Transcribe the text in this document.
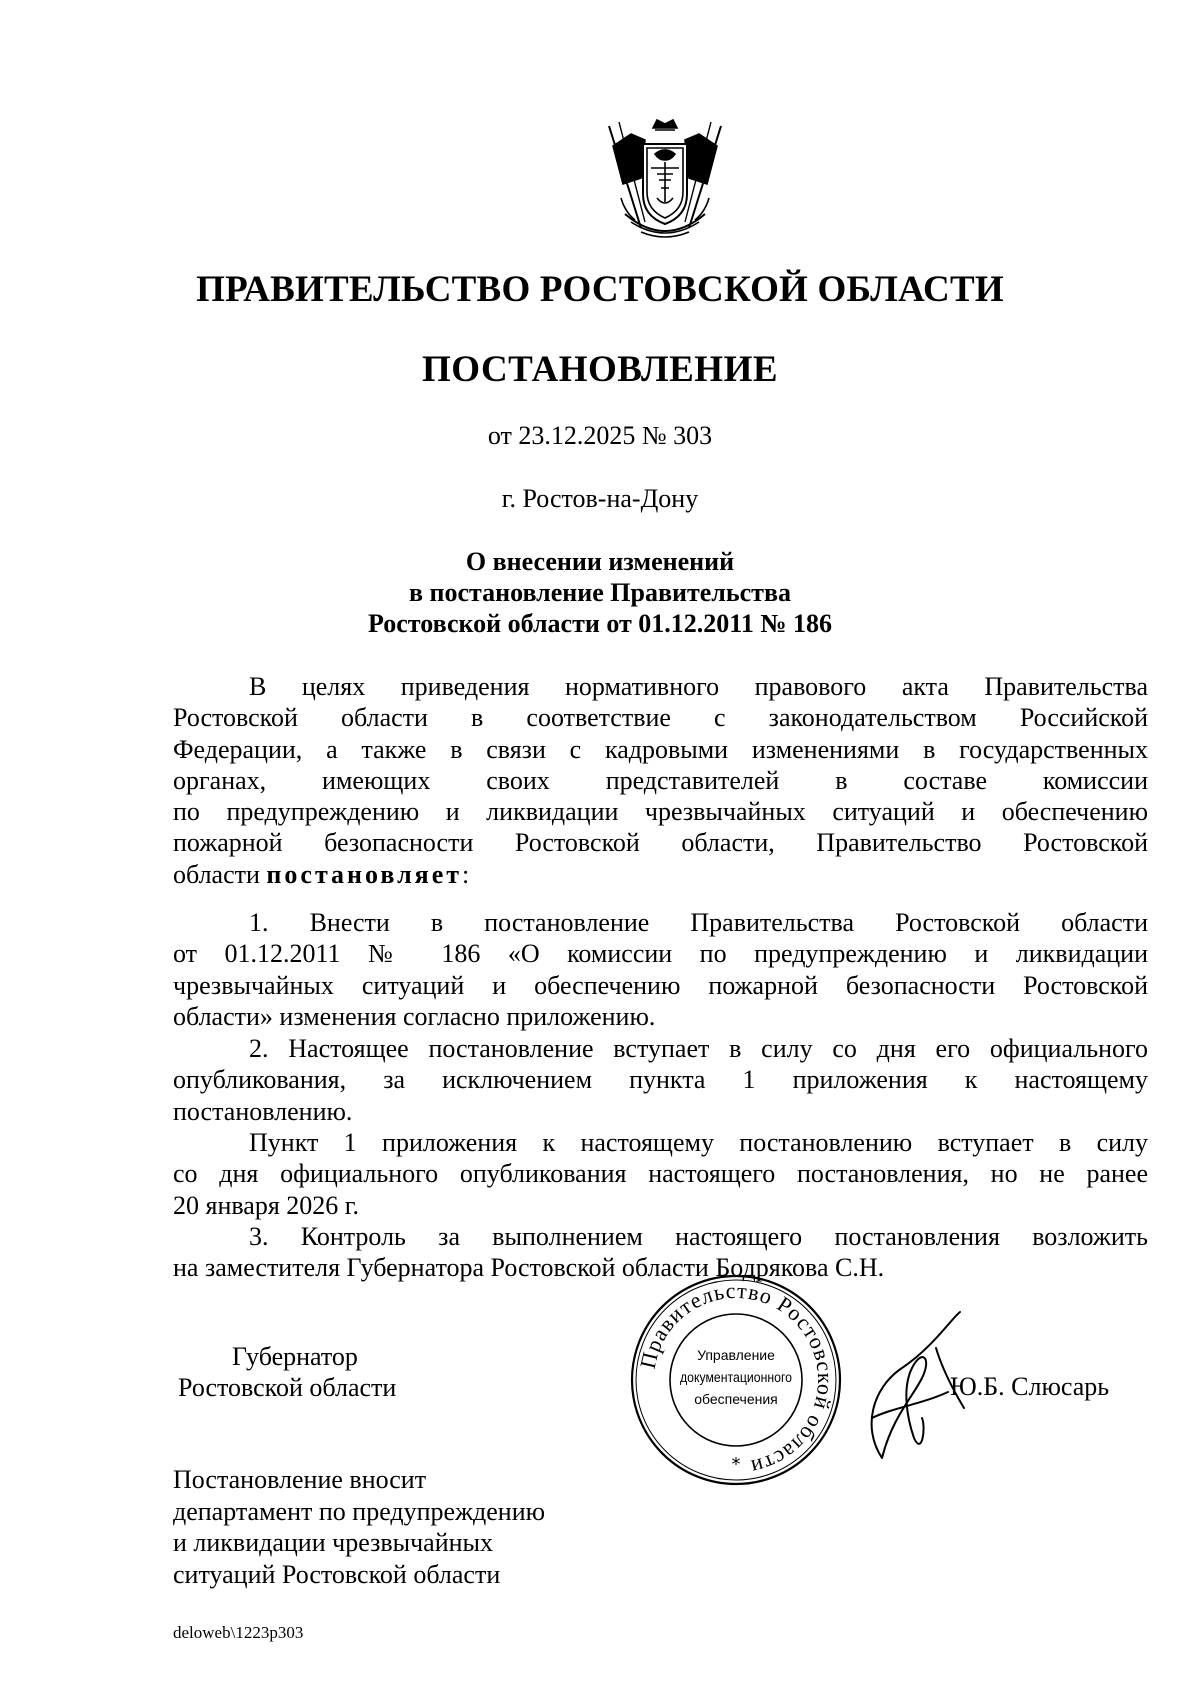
ПРАВИТЕЛЬСТВО РОСТОВСКОЙ ОБЛАСТИ
ПОСТАНОВЛЕНИЕ
от 23.12.2025 № 303
г. Ростов-на-Дону
О внесении изменений
в постановление Правительства
Ростовской области от 01.12.2011 № 186
В целях приведения нормативного правового акта Правительства
Ростовской области в соответствие с законодательством Российской
Федерации, а также в связи с кадровыми изменениями в государственных
органах, имеющих своих представителей в составе комиссии
по предупреждению и ликвидации чрезвычайных ситуаций и обеспечению
пожарной безопасности Ростовской области, Правительство Ростовской
области постановляет:
1. Внести в постановление Правительства Ростовской области
от 01.12.2011 № 186 «О комиссии по предупреждению и ликвидации
чрезвычайных ситуаций и обеспечению пожарной безопасности Ростовской
области» изменения согласно приложению.
2. Настоящее постановление вступает в силу со дня его официального
опубликования, за исключением пункта 1 приложения к настоящему
постановлению.
Пункт 1 приложения к настоящему постановлению вступает в силу
со дня официального опубликования настоящего постановления, но не ранее
20 января 2026 г.
3. Контроль за выполнением настоящего постановления возложить
на заместителя Губернатора Ростовской области Бодрякова С.Н.
Губернатор
Ростовской области	Ю.Б. Слюсарь
Правительство Ростовской области
Управление
документационного
обеспечения
*
Постановление вносит
департамент по предупреждению
и ликвидации чрезвычайных
ситуаций Ростовской области
deloweb\1223p303
